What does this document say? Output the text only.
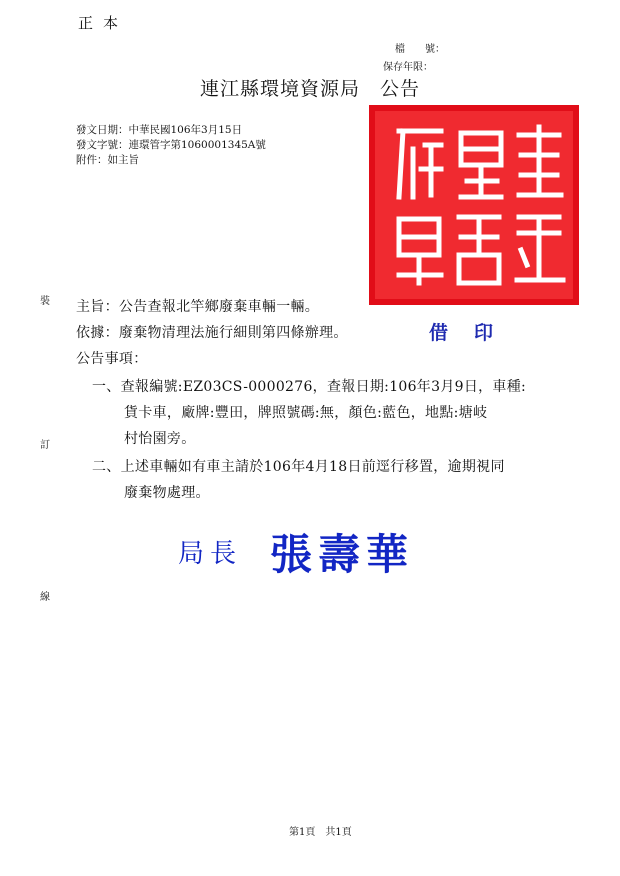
正本
檔　　號：
保存年限：
連江縣環境資源局　公告
發文日期：中華民國106年3月15日
發文字號：連環管字第1060001345A號
附件：如主旨
裝
訂
線
借印
主旨：公告查報北竿鄉廢棄車輛一輛。
依據：廢棄物清理法施行細則第四條辦理。
公告事項：
一、查報編號:EZ03CS-0000276，查報日期:106年3月9日，車種:
貨卡車，廠牌:豐田，牌照號碼:無，顏色:藍色，地點:塘岐
村怡園旁。
二、上述車輛如有車主請於106年4月18日前逕行移置，逾期視同
廢棄物處理。
局長 張壽華
第1頁　共1頁
